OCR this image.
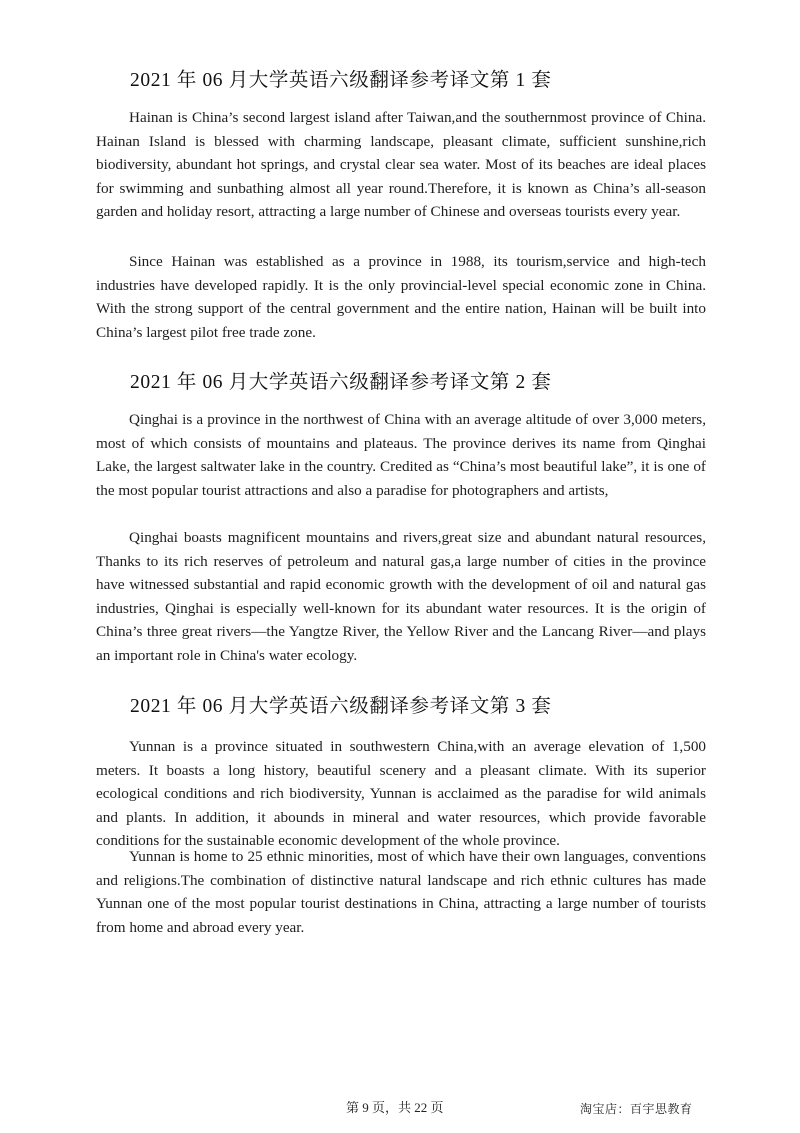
2021 年 06 月大学英语六级翻译参考译文第 1 套

Hainan is China’s second largest island after Taiwan,and the southernmost province of China. Hainan Island is blessed with charming landscape, pleasant climate, sufficient sunshine,rich biodiversity, abundant hot springs, and crystal clear sea water. Most of its beaches are ideal places for swimming and sunbathing almost all year round.Therefore, it is known as China’s all-season garden and holiday resort, attracting a large number of Chinese and overseas tourists every year.

Since Hainan was established as a province in 1988, its tourism,service and high-tech industries have developed rapidly. It is the only provincial-level special economic zone in China. With the strong support of the central government and the entire nation, Hainan will be built into China’s largest pilot free trade zone.

2021 年 06 月大学英语六级翻译参考译文第 2 套

Qinghai is a province in the northwest of China with an average altitude of over 3,000 meters, most of which consists of mountains and plateaus. The province derives its name from Qinghai Lake, the largest saltwater lake in the country. Credited as “China’s most beautiful lake”, it is one of the most popular tourist attractions and also a paradise for photographers and artists,

Qinghai boasts magnificent mountains and rivers,great size and abundant natural resources, Thanks to its rich reserves of petroleum and natural gas,a large number of cities in the province have witnessed substantial and rapid economic growth with the development of oil and natural gas industries, Qinghai is especially well-known for its abundant water resources. It is the origin of China’s three great rivers—the Yangtze River, the Yellow River and the Lancang River—and plays an important role in China's water ecology.

2021 年 06 月大学英语六级翻译参考译文第 3 套

Yunnan is a province situated in southwestern China,with an average elevation of 1,500 meters. It boasts a long history, beautiful scenery and a pleasant climate. With its superior ecological conditions and rich biodiversity, Yunnan is acclaimed as the paradise for wild animals and plants. In addition, it abounds in mineral and water resources, which provide favorable conditions for the sustainable economic development of the whole province.

Yunnan is home to 25 ethnic minorities, most of which have their own languages, conventions and religions.The combination of distinctive natural landscape and rich ethnic cultures has made Yunnan one of the most popular tourist destinations in China, attracting a large number of tourists from home and abroad every year.

第 9 页，共 22 页	淘宝店：百宇思教育
